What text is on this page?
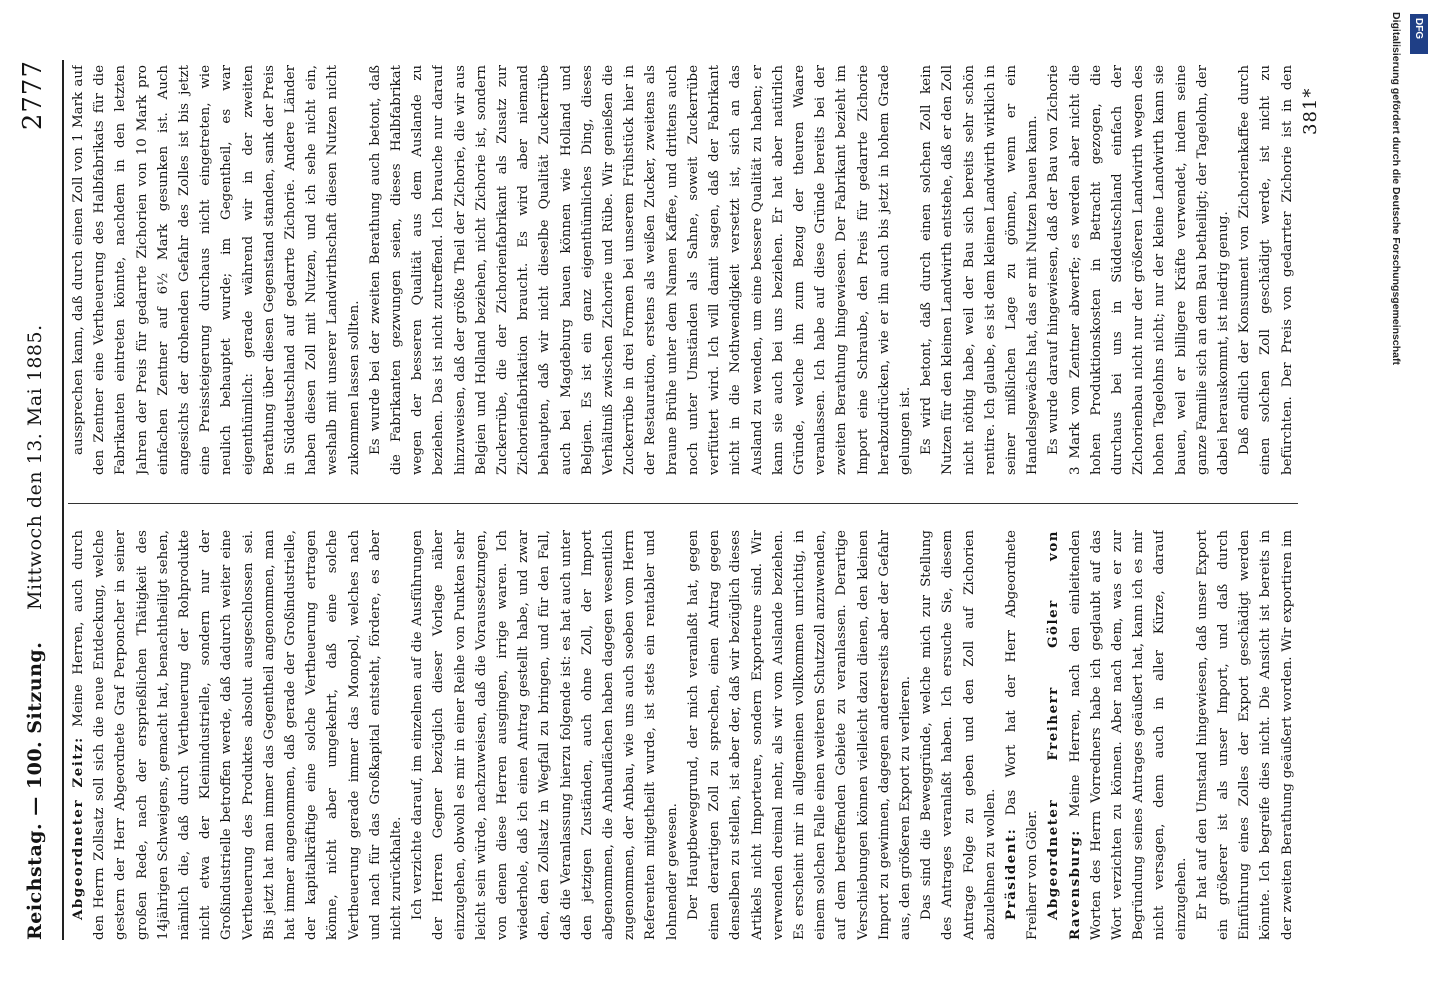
Reichstag. — 100. Sitzung.
Mittwoch den 13. Mai 1885.
2777

Abgeordneter Zeitz: Meine Herren, auch durch den Herrn Zollsatz soll sich die neue Entdeckung, welche gestern der Herr Abgeordnete Graf Perponcher in seiner großen Rede, nach der ersprießlichen Thätigkeit des 14jährigen Schweigens, gemacht hat, benachtheiligt sehen, nämlich die, daß durch Vertheuerung der Rohprodukte nicht etwa der Kleinindustrielle, sondern nur der Großindustrielle betroffen werde, daß dadurch weiter eine Vertheuerung des Produktes absolut ausgeschlossen sei. Bis jetzt hat man immer das Gegentheil angenommen, man hat immer angenommen, daß gerade der Großindustrielle, der kapitalkräftige eine solche Vertheuerung ertragen könne, nicht aber umgekehrt, daß eine solche Vertheuerung gerade immer das Monopol, welches nach und nach für das Großkapital entsteht, fördere, es aber nicht zurückhalte. Ich verzichte darauf, im einzelnen auf die Ausführungen der Herren Gegner bezüglich dieser Vorlage näher einzugehen, obwohl es mir in einer Reihe von Punkten sehr leicht sein würde, nachzuweisen, daß die Voraussetzungen, von denen diese Herren ausgingen, irrige waren. Ich wiederhole, daß ich einen Antrag gestellt habe, und zwar den, den Zollsatz in Wegfall zu bringen, und für den Fall, daß die Veranlassung hierzu folgende ist: es hat auch unter den jetzigen Zuständen, auch ohne Zoll, der Import abgenommen, die Anbauflächen haben dagegen wesentlich zugenommen, der Anbau, wie uns auch soeben vom Herrn Referenten mitgetheilt wurde, ist stets ein rentabler und lohnender gewesen. Der Hauptbeweggrund, der mich veranlaßt hat, gegen einen derartigen Zoll zu sprechen, einen Antrag gegen denselben zu stellen, ist aber der, daß wir bezüglich dieses Artikels nicht Importeure, sondern Exporteure sind. Wir verwenden dreimal mehr, als wir vom Auslande beziehen. Es erscheint mir in allgemeinen vollkommen unrichtig, in einem solchen Falle einen weiteren Schutzzoll anzuwenden, auf dem betreffenden Gebiete zu veranlassen. Derartige Verschiebungen können vielleicht dazu dienen, den kleinen Import zu gewinnen, dagegen andererseits aber der Gefahr aus, den größeren Export zu verlieren. Das sind die Beweggründe, welche mich zur Stellung des Antrages veranlaßt haben. Ich ersuche Sie, diesem Antrage Folge zu geben und den Zoll auf Zichorien abzulehnen zu wollen. Präsident: Das Wort hat der Herr Abgeordnete Freiherr von Göler. Abgeordneter Freiherr Göler von Ravensburg: Meine Herren, nach den einleitenden Worten des Herrn Vorredners habe ich geglaubt auf das Wort verzichten zu können. Aber nach dem, was er zur Begründung seines Antrages geäußert hat, kann ich es mir nicht versagen, denn auch in aller Kürze, darauf einzugehen. Er hat auf den Umstand hingewiesen, daß unser Export ein größerer ist als unser Import, und daß durch Einführung eines Zolles der Export geschädigt werden könnte. Ich begreife dies nicht. Die Ansicht ist bereits in der zweiten Berathung geäußert worden. Wir exportiren im

aussprechen kann, daß durch einen Zoll von 1 Mark auf den Zentner eine Vertheuerung des Halbfabrikats für die Fabrikanten eintreten könnte, nachdem in den letzten Jahren der Preis für gedarrte Zichorien von 10 Mark pro einfachen Zentner auf 6½ Mark gesunken ist. Auch angesichts der drohenden Gefahr des Zolles ist bis jetzt eine Preissteigerung durchaus nicht eingetreten, wie neulich behauptet wurde; im Gegentheil, es war eigenthümlich: gerade während wir in der zweiten Berathung über diesen Gegenstand standen, sank der Preis in Süddeutschland auf gedarrte Zichorie. Andere Länder haben diesen Zoll mit Nutzen, und ich sehe nicht ein, weshalb mit unserer Landwirthschaft diesen Nutzen nicht zukommen lassen sollten. Es wurde bei der zweiten Berathung auch betont, daß die Fabrikanten gezwungen seien, dieses Halbfabrikat wegen der besseren Qualität aus dem Auslande zu beziehen. Das ist nicht zutreffend. Ich brauche nur darauf hinzuweisen, daß der größte Theil der Zichorie, die wir aus Belgien und Holland beziehen, nicht Zichorie ist, sondern Zuckerrübe, die der Zichorienfabrikant als Zusatz zur Zichorienfabrikation braucht. Es wird aber niemand behaupten, daß wir nicht dieselbe Qualität Zuckerrübe auch bei Magdeburg bauen können wie Holland und Belgien. Es ist ein ganz eigenthümliches Ding, dieses Verhältniß zwischen Zichorie und Rübe. Wir genießen die Zuckerrübe in drei Formen bei unserem Frühstück hier in der Restauration, erstens als weißen Zucker, zweitens als braune Brühe unter dem Namen Kaffee, und drittens auch noch unter Umständen als Sahne, soweit Zuckerrübe verfüttert wird. Ich will damit sagen, daß der Fabrikant nicht in die Nothwendigkeit versetzt ist, sich an das Ausland zu wenden, um eine bessere Qualität zu haben; er kann sie auch bei uns beziehen. Er hat aber natürlich Gründe, welche ihn zum Bezug der theuren Waare veranlassen. Ich habe auf diese Gründe bereits bei der zweiten Berathung hingewiesen. Der Fabrikant bezieht im Import eine Schraube, den Preis für gedarrte Zichorie herabzudrücken, wie er ihn auch bis jetzt in hohem Grade gelungen ist. Es wird betont, daß durch einen solchen Zoll kein Nutzen für den kleinen Landwirth entstehe, daß er den Zoll nicht nöthig habe, weil der Bau sich bereits sehr schön rentire. Ich glaube, es ist dem kleinen Landwirth wirklich in seiner mißlichen Lage zu gönnen, wenn er ein Handelsgewächs hat, das er mit Nutzen bauen kann. Es wurde darauf hingewiesen, daß der Bau von Zichorie 3 Mark vom Zentner abwerfe; es werden aber nicht die hohen Produktionskosten in Betracht gezogen, die durchaus bei uns in Süddeutschland einfach der Zichorienbau nicht nur der größeren Landwirth wegen des hohen Tagelohns nicht; nur der kleine Landwirth kann sie bauen, weil er billigere Kräfte verwendet, indem seine ganze Familie sich an dem Bau betheiligt; der Tagelohn, der dabei herauskommt, ist niedrig genug. Daß endlich der Konsument von Zichorienkaffee durch einen solchen Zoll geschädigt werde, ist nicht zu befürchten. Der Preis von gedarrter Zichorie ist in den

381*	Digitalisierung gefördert durch die Deutsche Forschungsgemeinschaft DFG
